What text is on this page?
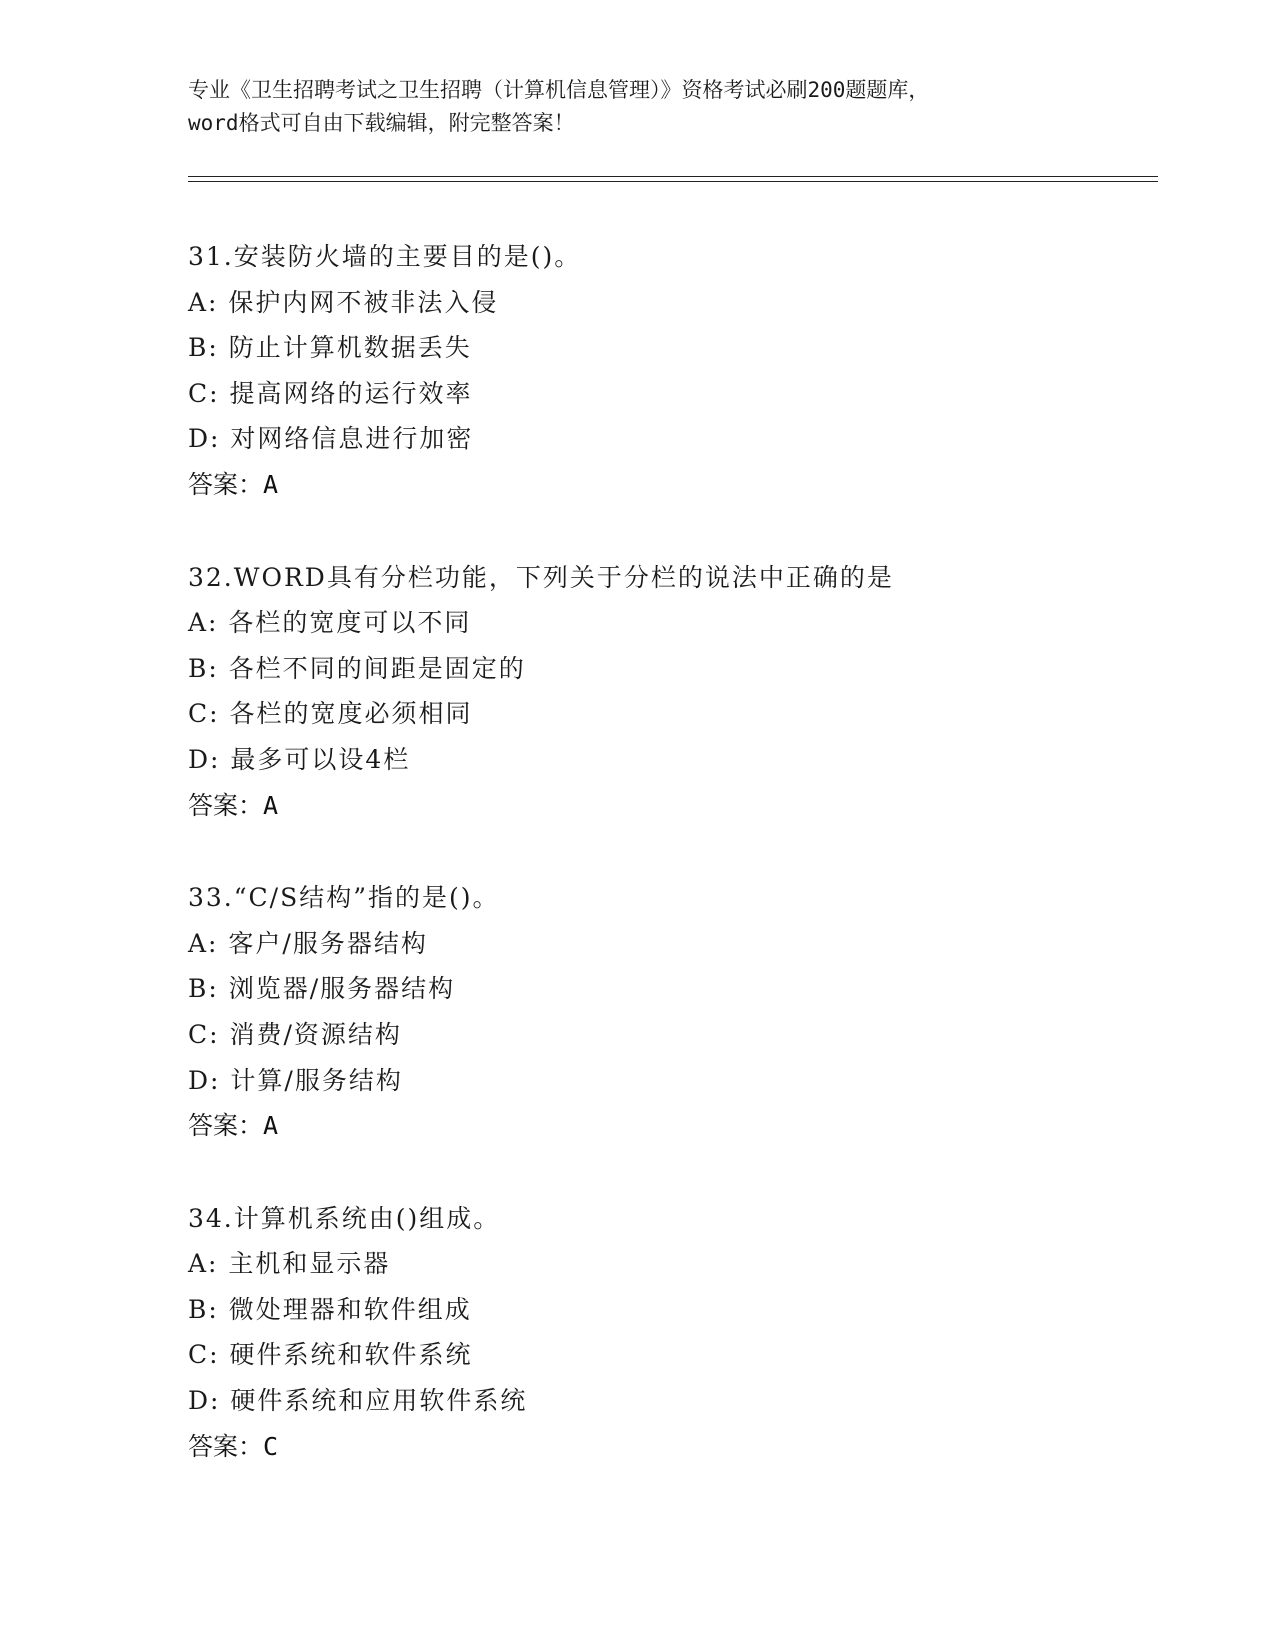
专业《卫生招聘考试之卫生招聘（计算机信息管理）》资格考试必刷200题题库，
word格式可自由下载编辑，附完整答案！
31.安装防火墙的主要目的是()。
A: 保护内网不被非法入侵
B: 防止计算机数据丢失
C: 提高网络的运行效率
D: 对网络信息进行加密
答案：A
32.WORD具有分栏功能，下列关于分栏的说法中正确的是
A: 各栏的宽度可以不同
B: 各栏不同的间距是固定的
C: 各栏的宽度必须相同
D: 最多可以设4栏
答案：A
33.“C/S结构”指的是()。
A: 客户/服务器结构
B: 浏览器/服务器结构
C: 消费/资源结构
D: 计算/服务结构
答案：A
34.计算机系统由()组成。
A: 主机和显示器
B: 微处理器和软件组成
C: 硬件系统和软件系统
D: 硬件系统和应用软件系统
答案：C
